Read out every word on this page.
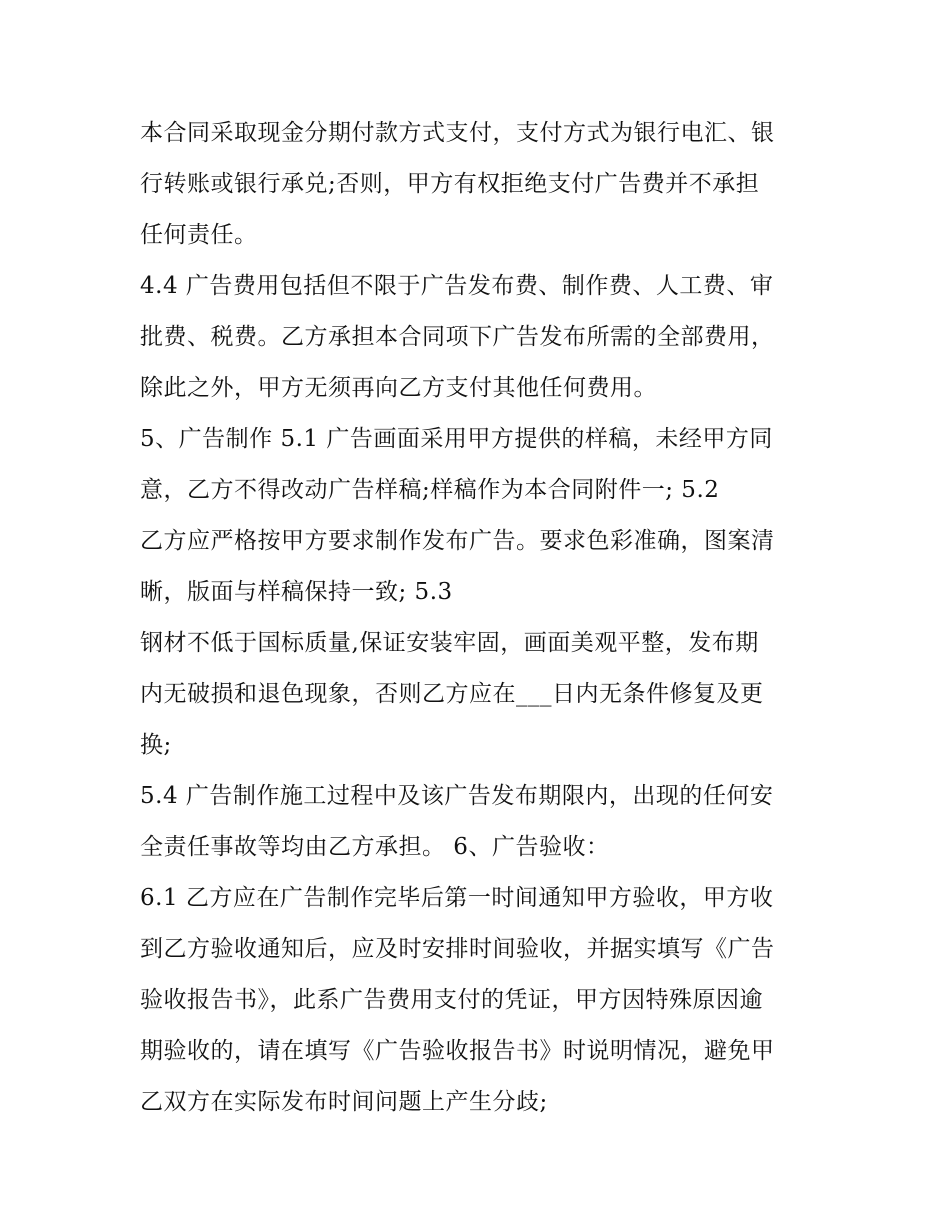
本合同采取现金分期付款方式支付，支付方式为银行电汇、银
行转账或银行承兑;否则，甲方有权拒绝支付广告费并不承担
任何责任。
4.4 广告费用包括但不限于广告发布费、制作费、人工费、审
批费、税费。乙方承担本合同项下广告发布所需的全部费用，
除此之外，甲方无须再向乙方支付其他任何费用。
5、广告制作 5.1 广告画面采用甲方提供的样稿，未经甲方同
意，乙方不得改动广告样稿;样稿作为本合同附件一; 5.2
乙方应严格按甲方要求制作发布广告。要求色彩准确，图案清
晰，版面与样稿保持一致; 5.3
钢材不低于国标质量,保证安装牢固，画面美观平整，发布期
内无破损和退色现象，否则乙方应在___日内无条件修复及更
换;
5.4 广告制作施工过程中及该广告发布期限内，出现的任何安
全责任事故等均由乙方承担。 6、广告验收：
6.1 乙方应在广告制作完毕后第一时间通知甲方验收，甲方收
到乙方验收通知后，应及时安排时间验收，并据实填写《广告
验收报告书》，此系广告费用支付的凭证，甲方因特殊原因逾
期验收的，请在填写《广告验收报告书》时说明情况，避免甲
乙双方在实际发布时间问题上产生分歧;
